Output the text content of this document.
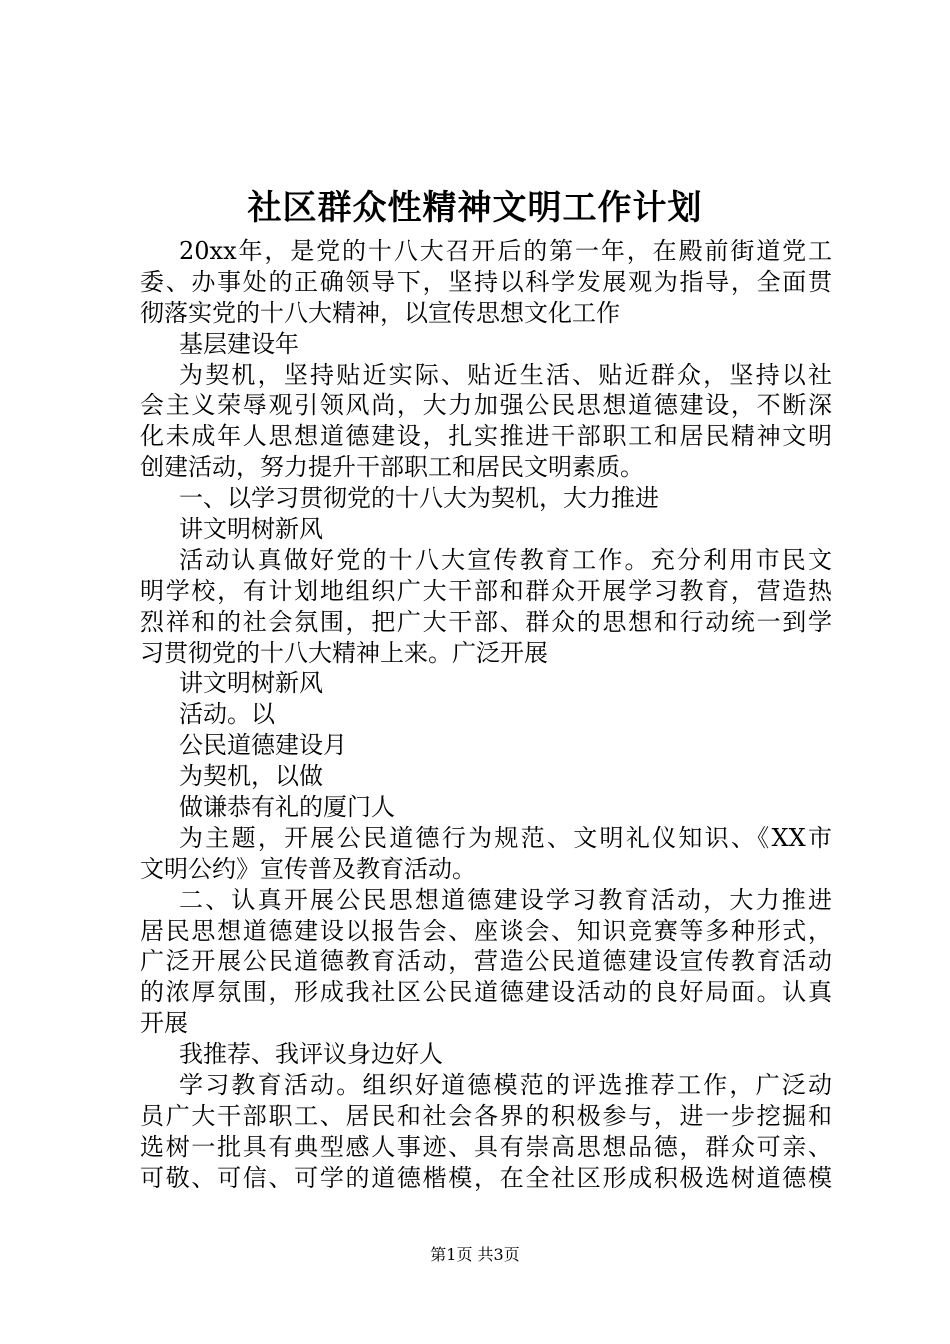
社区群众性精神文明工作计划
20xx年，是党的十八大召开后的第一年，在殿前街道党工
委、办事处的正确领导下，坚持以科学发展观为指导，全面贯
彻落实党的十八大精神，以宣传思想文化工作
基层建设年
为契机，坚持贴近实际、贴近生活、贴近群众，坚持以社
会主义荣辱观引领风尚，大力加强公民思想道德建设，不断深
化未成年人思想道德建设，扎实推进干部职工和居民精神文明
创建活动，努力提升干部职工和居民文明素质。
一、以学习贯彻党的十八大为契机，大力推进
讲文明树新风
活动认真做好党的十八大宣传教育工作。充分利用市民文
明学校，有计划地组织广大干部和群众开展学习教育，营造热
烈祥和的社会氛围，把广大干部、群众的思想和行动统一到学
习贯彻党的十八大精神上来。广泛开展
讲文明树新风
活动。以
公民道德建设月
为契机，以做
做谦恭有礼的厦门人
为主题，开展公民道德行为规范、文明礼仪知识、《XX市
文明公约》宣传普及教育活动。
二、认真开展公民思想道德建设学习教育活动，大力推进
居民思想道德建设以报告会、座谈会、知识竞赛等多种形式，
广泛开展公民道德教育活动，营造公民道德建设宣传教育活动
的浓厚氛围，形成我社区公民道德建设活动的良好局面。认真
开展
我推荐、我评议身边好人
学习教育活动。组织好道德模范的评选推荐工作，广泛动
员广大干部职工、居民和社会各界的积极参与，进一步挖掘和
选树一批具有典型感人事迹、具有崇高思想品德，群众可亲、
可敬、可信、可学的道德楷模，在全社区形成积极选树道德模
第1页 共3页
